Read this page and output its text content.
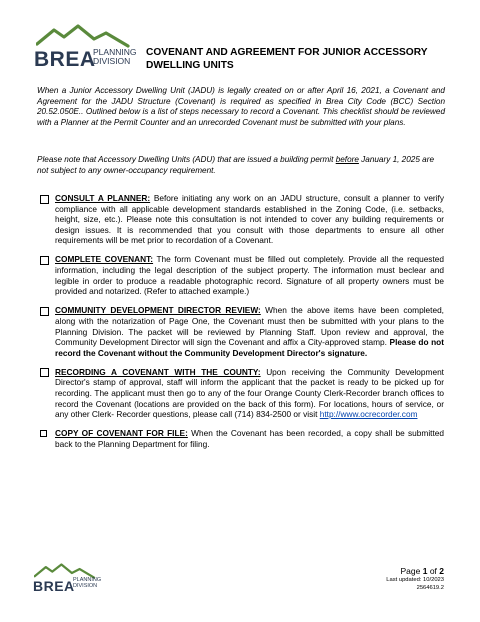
BREA
PLANNING
DIVISION
COVENANT AND AGREEMENT FOR JUNIOR ACCESSORY
DWELLING UNITS
When a Junior Accessory Dwelling Unit (JADU) is legally created on or after April 16, 2021, a Covenant and Agreement for the JADU Structure (Covenant) is required as specified in Brea City Code (BCC) Section 20.52.050E.. Outlined below is a list of steps necessary to record a Covenant. This checklist should be reviewed with a Planner at the Permit Counter and an unrecorded Covenant must be submitted with your plans.
Please note that Accessory Dwelling Units (ADU) that are issued a building permit before January 1, 2025 are not subject to any owner-occupancy requirement.
CONSULT A PLANNER: Before initiating any work on an JADU structure, consult a planner to verify compliance with all applicable development standards established in the Zoning Code, (i.e. setbacks, height, size, etc.). Please note this consultation is not intended to cover any building requirements or design issues. It is recommended that you consult with those departments to ensure all other requirements will be met prior to recordation of a Covenant.
COMPLETE COVENANT: The form Covenant must be filled out completely. Provide all the requested information, including the legal description of the subject property. The information must beclear and legible in order to produce a readable photographic record. Signature of all property owners must be provided and notarized. (Refer to attached example.)
COMMUNITY DEVELOPMENT DIRECTOR REVIEW: When the above items have been completed, along with the notarization of Page One, the Covenant must then be submitted with your plans to the Planning Division. The packet will be reviewed by Planning Staff. Upon review and approval, the Community Development Director will sign the Covenant and affix a City-approved stamp. Please do not record the Covenant without the Community Development Director's signature.
RECORDING A COVENANT WITH THE COUNTY: Upon receiving the Community Development Director's stamp of approval, staff will inform the applicant that the packet is ready to be picked up for recording. The applicant must then go to any of the four Orange County Clerk-Recorder branch offices to record the Covenant (locations are provided on the back of this form). For locations, hours of service, or any other Clerk- Recorder questions, please call (714) 834-2500 or visit http://www.ocrecorder.com
COPY OF COVENANT FOR FILE: When the Covenant has been recorded, a copy shall be submitted back to the Planning Department for filing.
BREA
PLANNING
DIVISION
Page 1 of 2
Last updated: 10/2023
2564619.2
